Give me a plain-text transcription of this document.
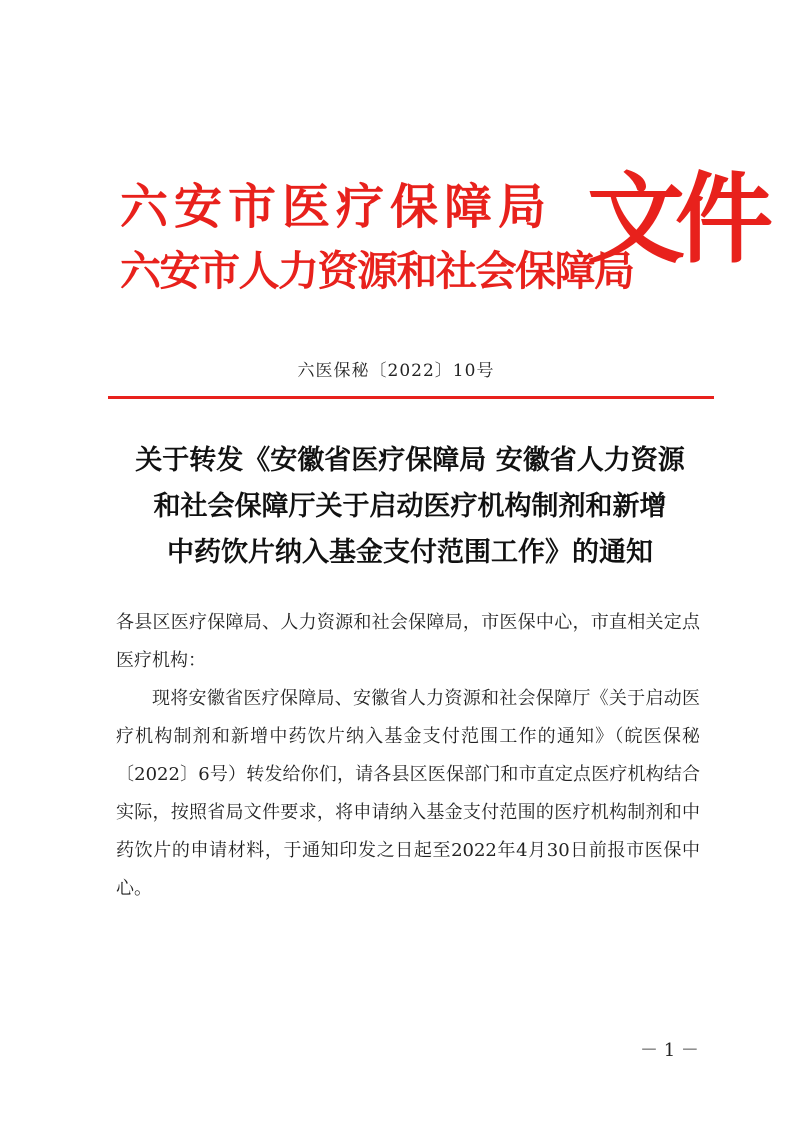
六安市医疗保障局
六安市人力资源和社会保障局
文件
六医保秘〔2022〕10号
关于转发《安徽省医疗保障局 安徽省人力资源
和社会保障厅关于启动医疗机构制剂和新增
中药饮片纳入基金支付范围工作》的通知
各县区医疗保障局、人力资源和社会保障局，市医保中心，市直相关定点医疗机构：
现将安徽省医疗保障局、安徽省人力资源和社会保障厅《关于启动医疗机构制剂和新增中药饮片纳入基金支付范围工作的通知》（皖医保秘〔2022〕6号）转发给你们，请各县区医保部门和市直定点医疗机构结合实际，按照省局文件要求，将申请纳入基金支付范围的医疗机构制剂和中药饮片的申请材料，于通知印发之日起至2022年4月30日前报市医保中心。
－ 1 －
